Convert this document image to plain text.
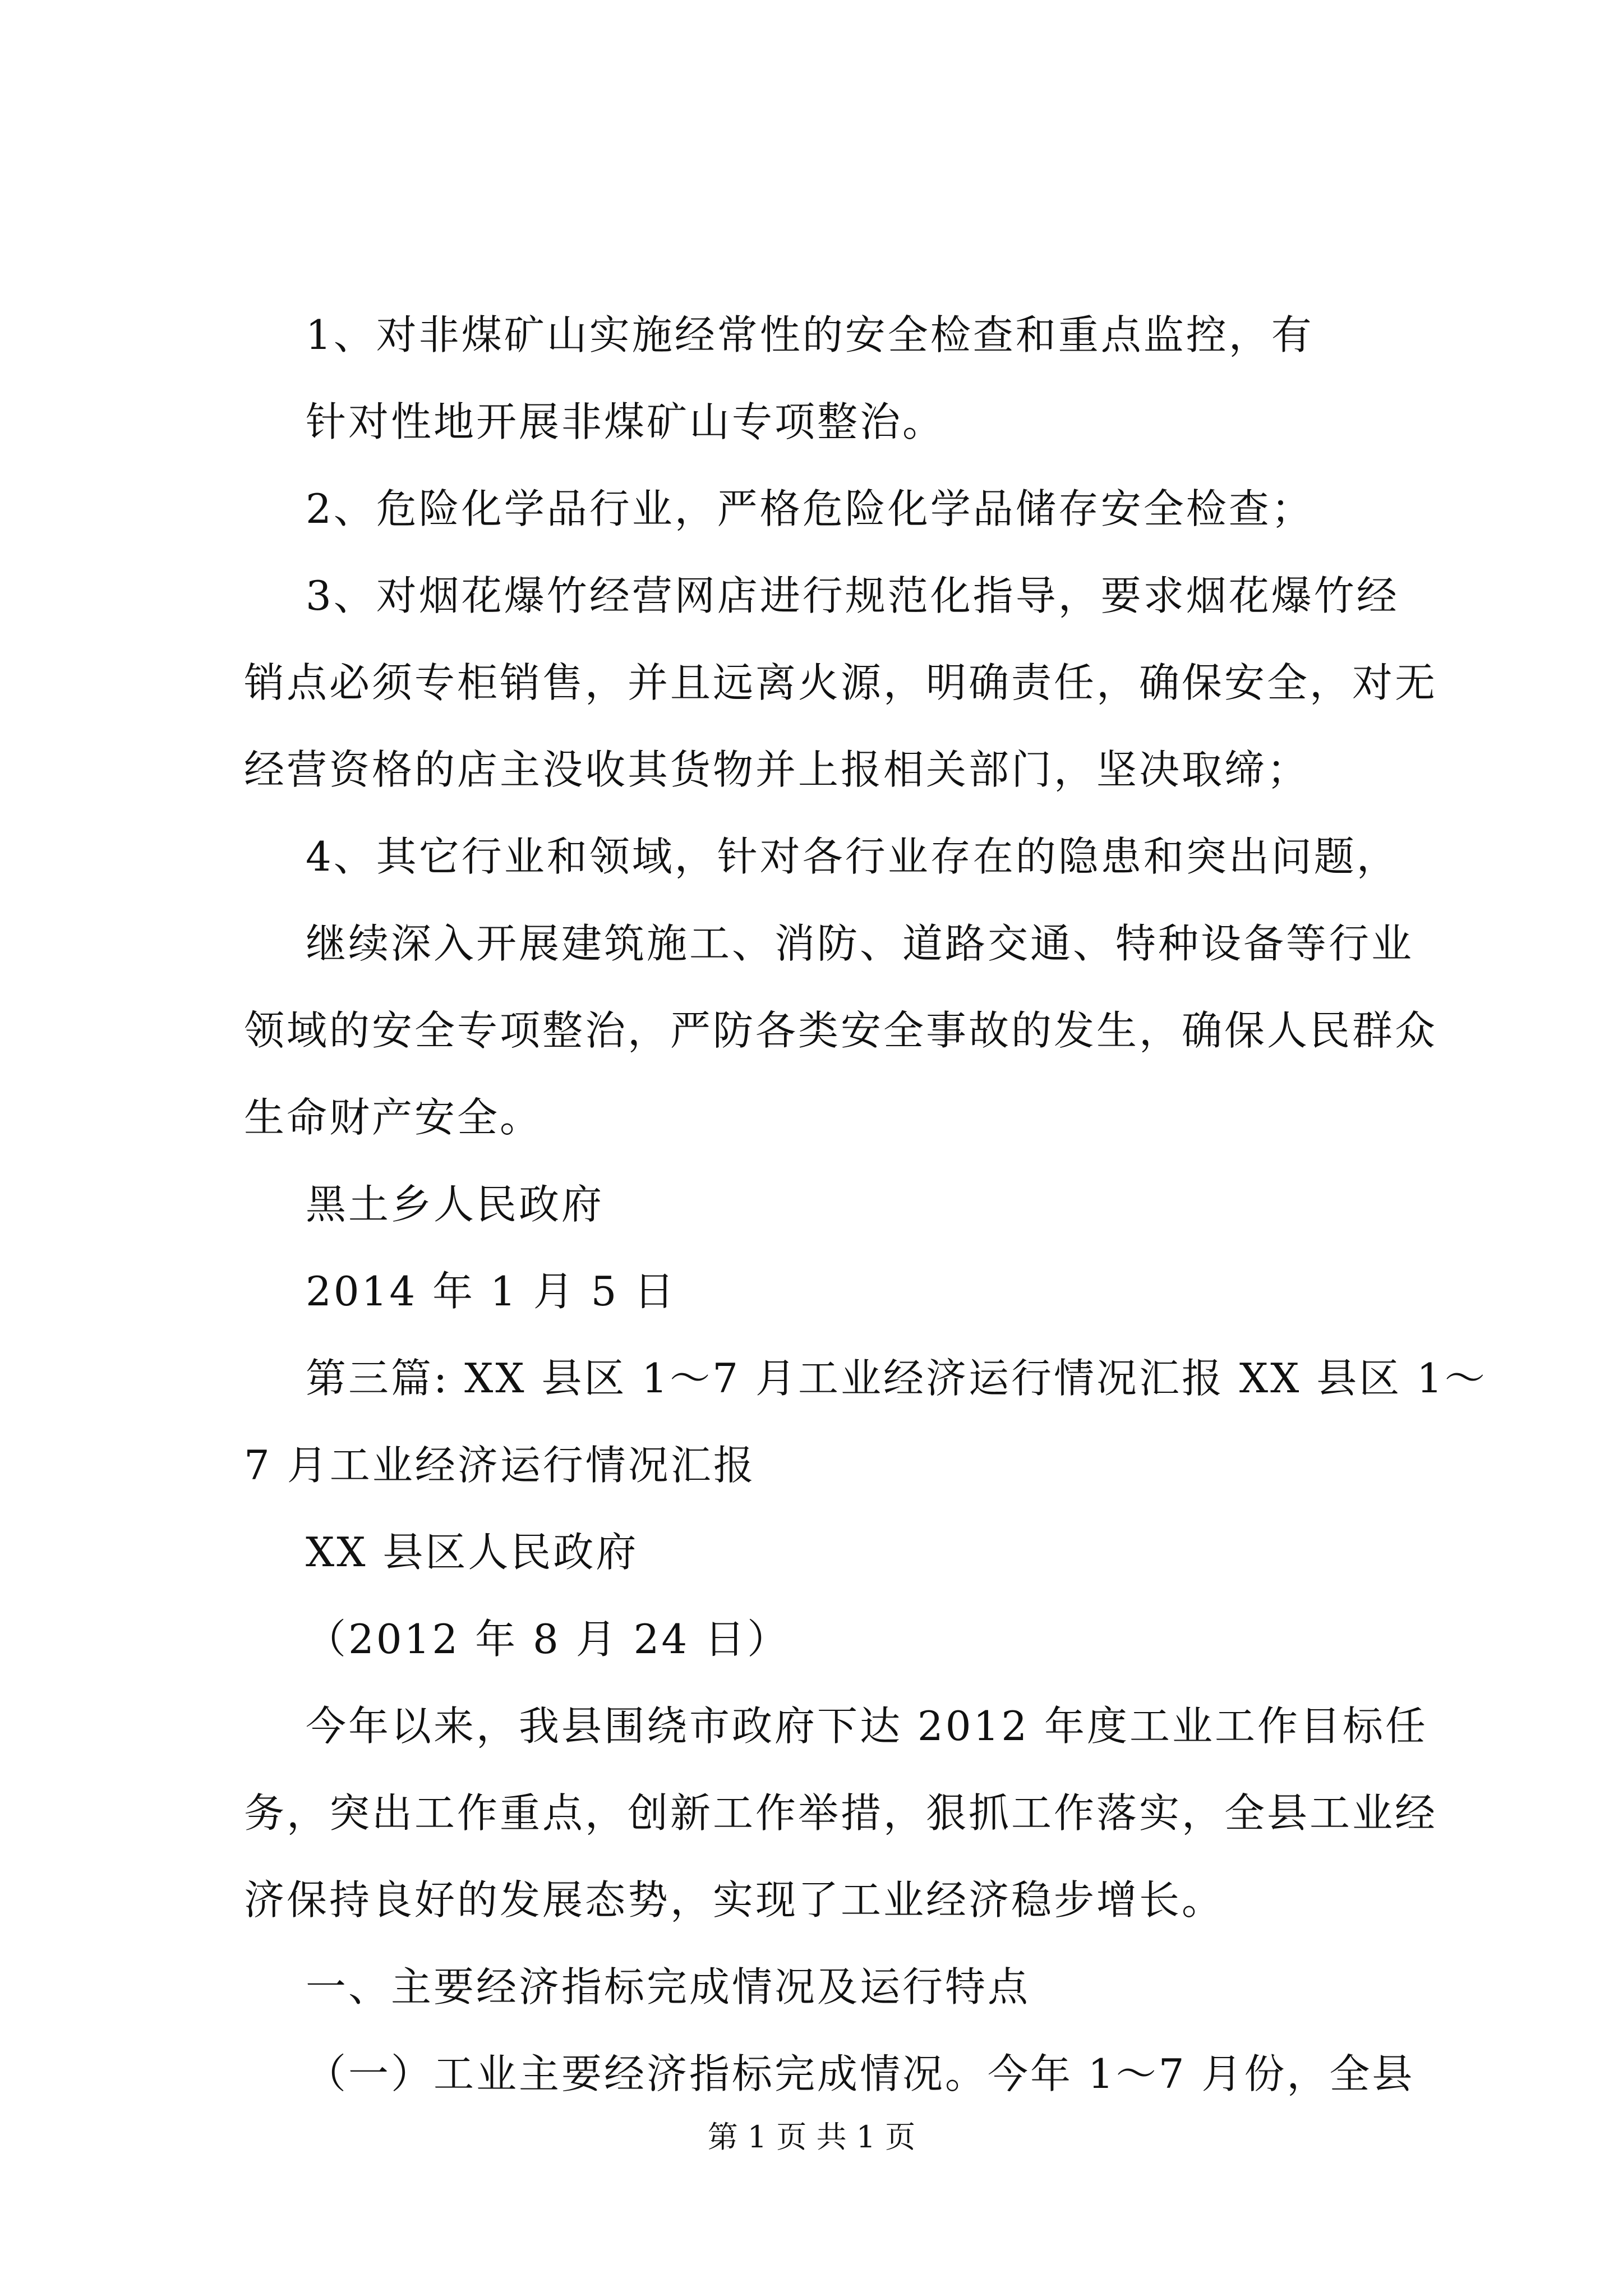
1、对非煤矿山实施经常性的安全检查和重点监控，有
针对性地开展非煤矿山专项整治。
2、危险化学品行业，严格危险化学品储存安全检查；
3、对烟花爆竹经营网店进行规范化指导，要求烟花爆竹经
销点必须专柜销售，并且远离火源，明确责任，确保安全，对无
经营资格的店主没收其货物并上报相关部门，坚决取缔；
4、其它行业和领域，针对各行业存在的隐患和突出问题，
继续深入开展建筑施工、消防、道路交通、特种设备等行业
领域的安全专项整治，严防各类安全事故的发生，确保人民群众
生命财产安全。
黑土乡人民政府
2014 年 1 月 5 日
第三篇: XX 县区 1～7 月工业经济运行情况汇报 XX 县区 1～
7 月工业经济运行情况汇报
XX 县区人民政府
（2012 年 8 月 24 日）
今年以来，我县围绕市政府下达 2012 年度工业工作目标任
务，突出工作重点，创新工作举措，狠抓工作落实，全县工业经
济保持良好的发展态势，实现了工业经济稳步增长。
一、主要经济指标完成情况及运行特点
（一）工业主要经济指标完成情况。今年 1～7 月份，全县
第 1 页 共 1 页
